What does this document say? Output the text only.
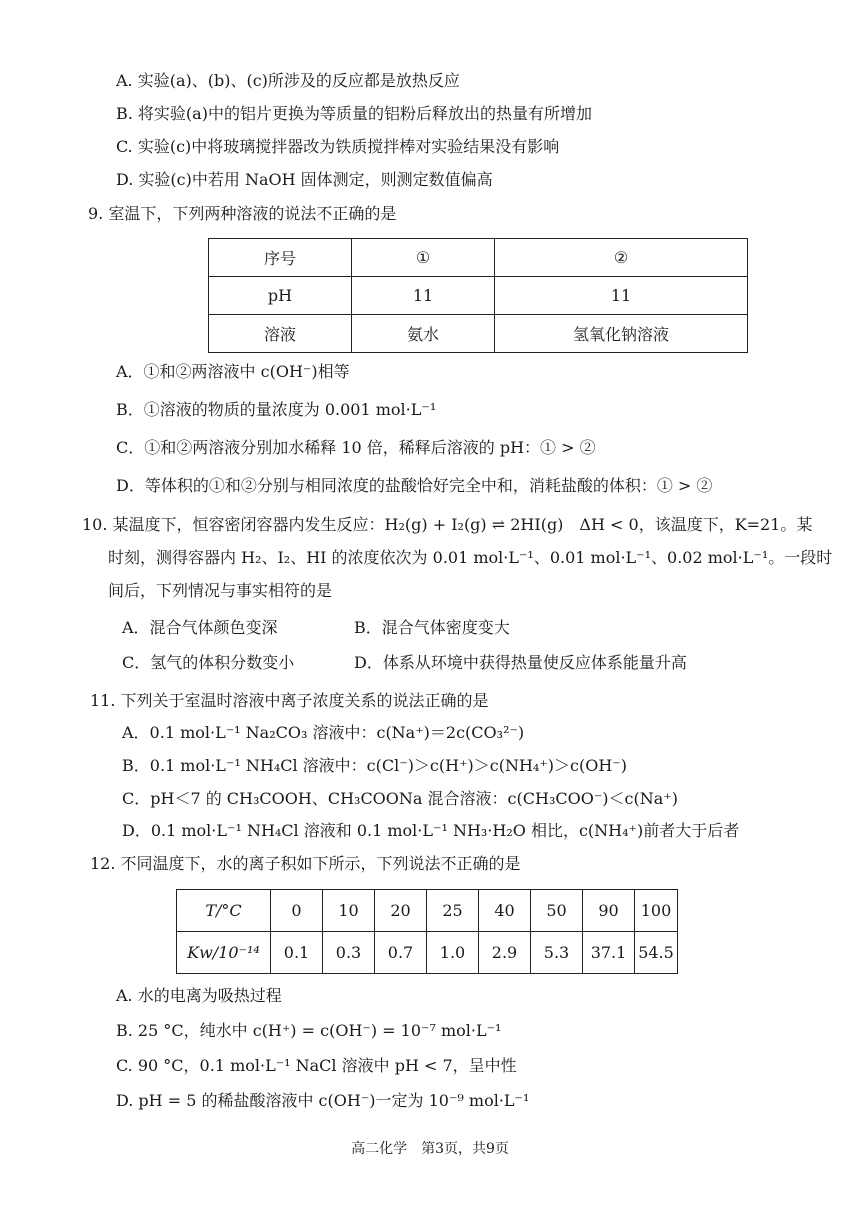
A. 实验(a)、(b)、(c)所涉及的反应都是放热反应
B. 将实验(a)中的铝片更换为等质量的铝粉后释放出的热量有所增加
C. 实验(c)中将玻璃搅拌器改为铁质搅拌棒对实验结果没有影响
D. 实验(c)中若用 NaOH 固体测定，则测定数值偏高
9. 室温下，下列两种溶液的说法不正确的是
序号	①	②
pH	11	11
溶液	氨水	氢氧化钠溶液
A．①和②两溶液中 c(OH⁻)相等
B．①溶液的物质的量浓度为 0.001 mol·L⁻¹
C．①和②两溶液分别加水稀释 10 倍，稀释后溶液的 pH：① > ②
D．等体积的①和②分别与相同浓度的盐酸恰好完全中和，消耗盐酸的体积：① > ②
10. 某温度下，恒容密闭容器内发生反应：H₂(g) + I₂(g) ⇌ 2HI(g)　ΔH < 0，该温度下，K=21。某
时刻，测得容器内 H₂、I₂、HI 的浓度依次为 0.01 mol·L⁻¹、0.01 mol·L⁻¹、0.02 mol·L⁻¹。一段时
间后，下列情况与事实相符的是
A．混合气体颜色变深	B．混合气体密度变大
C．氢气的体积分数变小	D．体系从环境中获得热量使反应体系能量升高
11. 下列关于室温时溶液中离子浓度关系的说法正确的是
A．0.1 mol·L⁻¹ Na₂CO₃ 溶液中：c(Na⁺)＝2c(CO₃²⁻)
B．0.1 mol·L⁻¹ NH₄Cl 溶液中：c(Cl⁻)＞c(H⁺)＞c(NH₄⁺)＞c(OH⁻)
C．pH＜7 的 CH₃COOH、CH₃COONa 混合溶液：c(CH₃COO⁻)＜c(Na⁺)
D．0.1 mol·L⁻¹ NH₄Cl 溶液和 0.1 mol·L⁻¹ NH₃·H₂O 相比，c(NH₄⁺)前者大于后者
12. 不同温度下，水的离子积如下所示，下列说法不正确的是
T/°C	0	10	20	25	40	50	90	100
Kw/10⁻¹⁴	0.1	0.3	0.7	1.0	2.9	5.3	37.1	54.5
A. 水的电离为吸热过程
B. 25 °C，纯水中 c(H⁺) = c(OH⁻) = 10⁻⁷ mol·L⁻¹
C. 90 °C，0.1 mol·L⁻¹ NaCl 溶液中 pH < 7，呈中性
D. pH = 5 的稀盐酸溶液中 c(OH⁻)一定为 10⁻⁹ mol·L⁻¹
高二化学　第3页，共9页
